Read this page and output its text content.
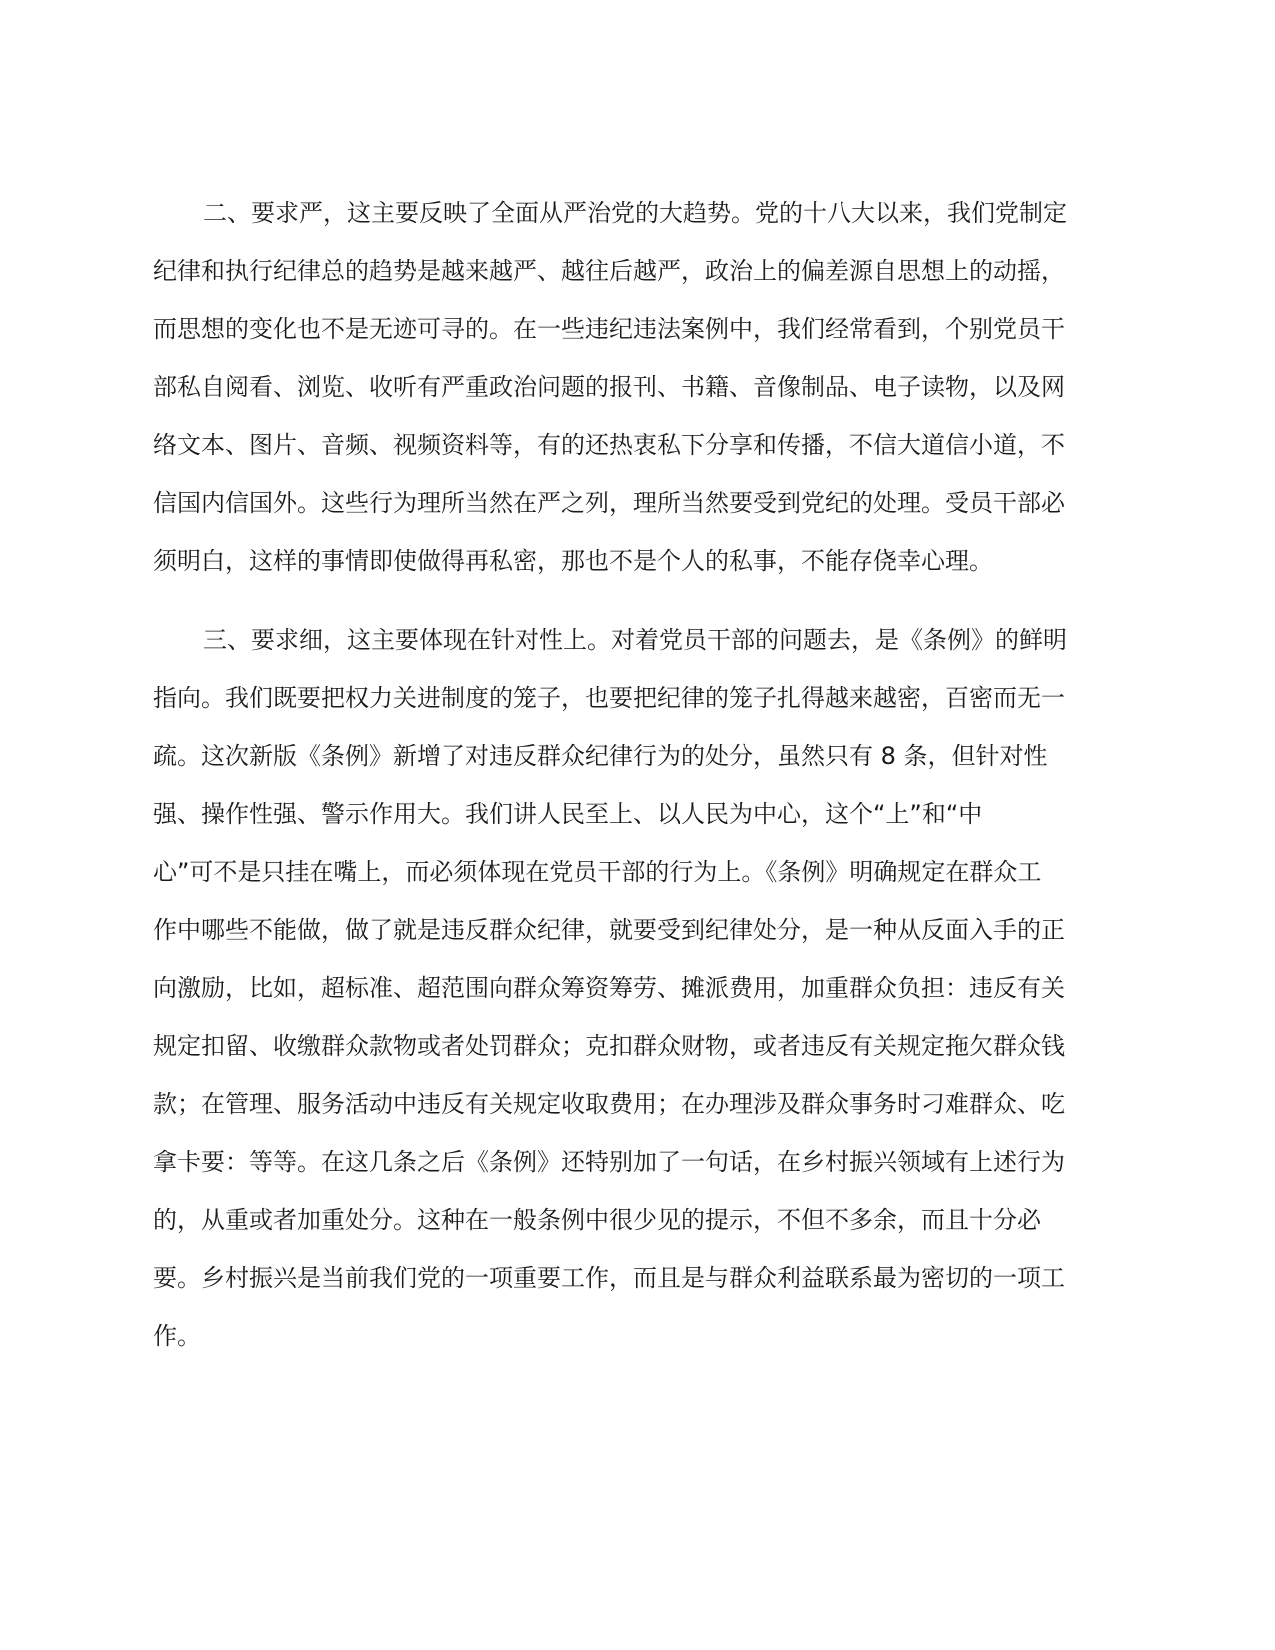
二、要求严，这主要反映了全面从严治党的大趋势。党的十八大以来，我们党制定
纪律和执行纪律总的趋势是越来越严、越往后越严，政治上的偏差源自思想上的动摇，
而思想的变化也不是无迹可寻的。在一些违纪违法案例中，我们经常看到，个别党员干
部私自阅看、浏览、收听有严重政治问题的报刊、书籍、音像制品、电子读物，以及网
络文本、图片、音频、视频资料等，有的还热衷私下分享和传播，不信大道信小道，不
信国内信国外。这些行为理所当然在严之列，理所当然要受到党纪的处理。受员干部必
须明白，这样的事情即使做得再私密，那也不是个人的私事，不能存侥幸心理。

三、要求细，这主要体现在针对性上。对着党员干部的问题去，是《条例》的鲜明
指向。我们既要把权力关进制度的笼子，也要把纪律的笼子扎得越来越密，百密而无一
疏。这次新版《条例》新增了对违反群众纪律行为的处分，虽然只有 8 条，但针对性
强、操作性强、警示作用大。我们讲人民至上、以人民为中心，这个“上”和“中
心”可不是只挂在嘴上，而必须体现在党员干部的行为上。《条例》明确规定在群众工
作中哪些不能做，做了就是违反群众纪律，就要受到纪律处分，是一种从反面入手的正
向激励，比如，超标准、超范围向群众筹资筹劳、摊派费用，加重群众负担：违反有关
规定扣留、收缴群众款物或者处罚群众；克扣群众财物，或者违反有关规定拖欠群众钱
款；在管理、服务活动中违反有关规定收取费用；在办理涉及群众事务时刁难群众、吃
拿卡要：等等。在这几条之后《条例》还特别加了一句话，在乡村振兴领域有上述行为
的，从重或者加重处分。这种在一般条例中很少见的提示，不但不多余，而且十分必
要。乡村振兴是当前我们党的一项重要工作，而且是与群众利益联系最为密切的一项工
作。
